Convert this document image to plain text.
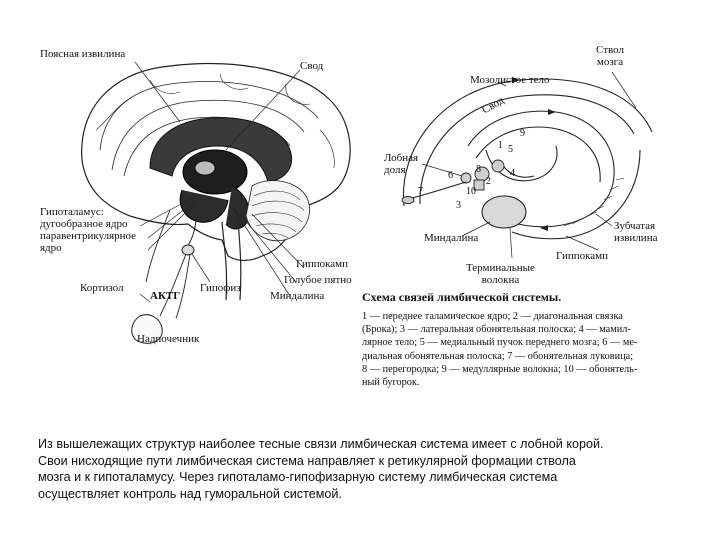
Поясная извилина
Свод
Гипоталамус:
дугообразное ядро
паравентрикулярное
ядро
Кортизол
АКТГ
Гипофиз
Гиппокамп
Голубое пятно
Миндалина
Надпочечник
Ствол
мозга
Мозолистое тело
Свод
Лобная
доля
Миндалина
Зубчатая
извилина
Гиппокамп
Терминальные
волокна
1
2
3
4
5
6
7
8
9
10
Схема связей лимбической системы.
1 — переднее таламическое ядро; 2 — диагональная связка
(Брока); 3 — латеральная обонятельная полоска; 4 — мамил-
лярное тело; 5 — медиальный пучок переднего мозга; 6 — ме-
диальная обонятельная полоска; 7 — обонятельная луковица;
8 — перегородка; 9 — медуллярные волокна; 10 — обонятель-
ный бугорок.
Из вышележащих структур наиболее тесные связи лимбическая система имеет с лобной корой.
Свои нисходящие пути лимбическая система направляет к ретикулярной формации ствола
мозга и к гипоталамусу. Через гипоталамо-гипофизарную систему лимбическая система
осуществляет контроль над гуморальной системой.
